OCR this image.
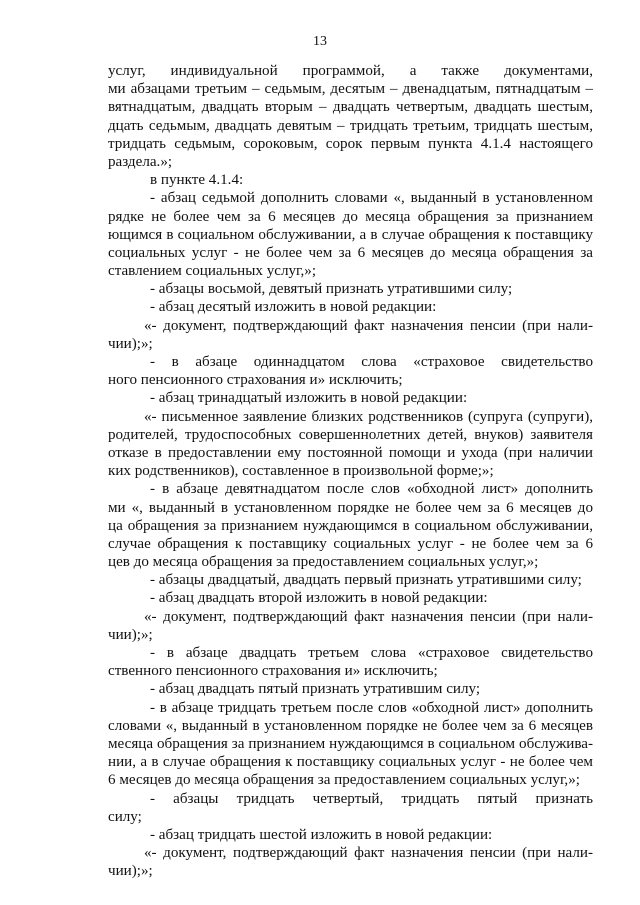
13
услуг, индивидуальной программой, а также документами,
ми абзацами третьим – седьмым, десятым – двенадцатым, пятнадцатым –
вятнадцатым, двадцать вторым – двадцать четвертым, двадцать шестым,
дцать седьмым, двадцать девятым – тридцать третьим, тридцать шестым,
тридцать седьмым, сороковым, сорок первым пункта 4.1.4 настоящего
раздела.»;
в пункте 4.1.4:
- абзац седьмой дополнить словами «, выданный в установленном
рядке не более чем за 6 месяцев до месяца обращения за признанием
ющимся в социальном обслуживании, а в случае обращения к поставщику
социальных услуг - не более чем за 6 месяцев до месяца обращения за
ставлением социальных услуг,»;
- абзацы восьмой, девятый признать утратившими силу;
- абзац десятый изложить в новой редакции:
«- документ, подтверждающий факт назначения пенсии (при нали-
чии);»;
- в абзаце одиннадцатом слова «страховое свидетельство
ного пенсионного страхования и» исключить;
- абзац тринадцатый изложить в новой редакции:
«- письменное заявление близких родственников (супруга (супруги),
родителей, трудоспособных совершеннолетних детей, внуков) заявителя
отказе в предоставлении ему постоянной помощи и ухода (при наличии
ких родственников), составленное в произвольной форме;»;
- в абзаце девятнадцатом после слов «обходной лист» дополнить
ми «, выданный в установленном порядке не более чем за 6 месяцев до
ца обращения за признанием нуждающимся в социальном обслуживании,
случае обращения к поставщику социальных услуг - не более чем за 6
цев до месяца обращения за предоставлением социальных услуг,»;
- абзацы двадцатый, двадцать первый признать утратившими силу;
- абзац двадцать второй изложить в новой редакции:
«- документ, подтверждающий факт назначения пенсии (при нали-
чии);»;
- в абзаце двадцать третьем слова «страховое свидетельство
ственного пенсионного страхования и» исключить;
- абзац двадцать пятый признать утратившим силу;
- в абзаце тридцать третьем после слов «обходной лист» дополнить
словами «, выданный в установленном порядке не более чем за 6 месяцев
месяца обращения за признанием нуждающимся в социальном обслужива-
нии, а в случае обращения к поставщику социальных услуг - не более чем
6 месяцев до месяца обращения за предоставлением социальных услуг,»;
- абзацы тридцать четвертый, тридцать пятый признать
силу;
- абзац тридцать шестой изложить в новой редакции:
«- документ, подтверждающий факт назначения пенсии (при нали-
чии);»;
